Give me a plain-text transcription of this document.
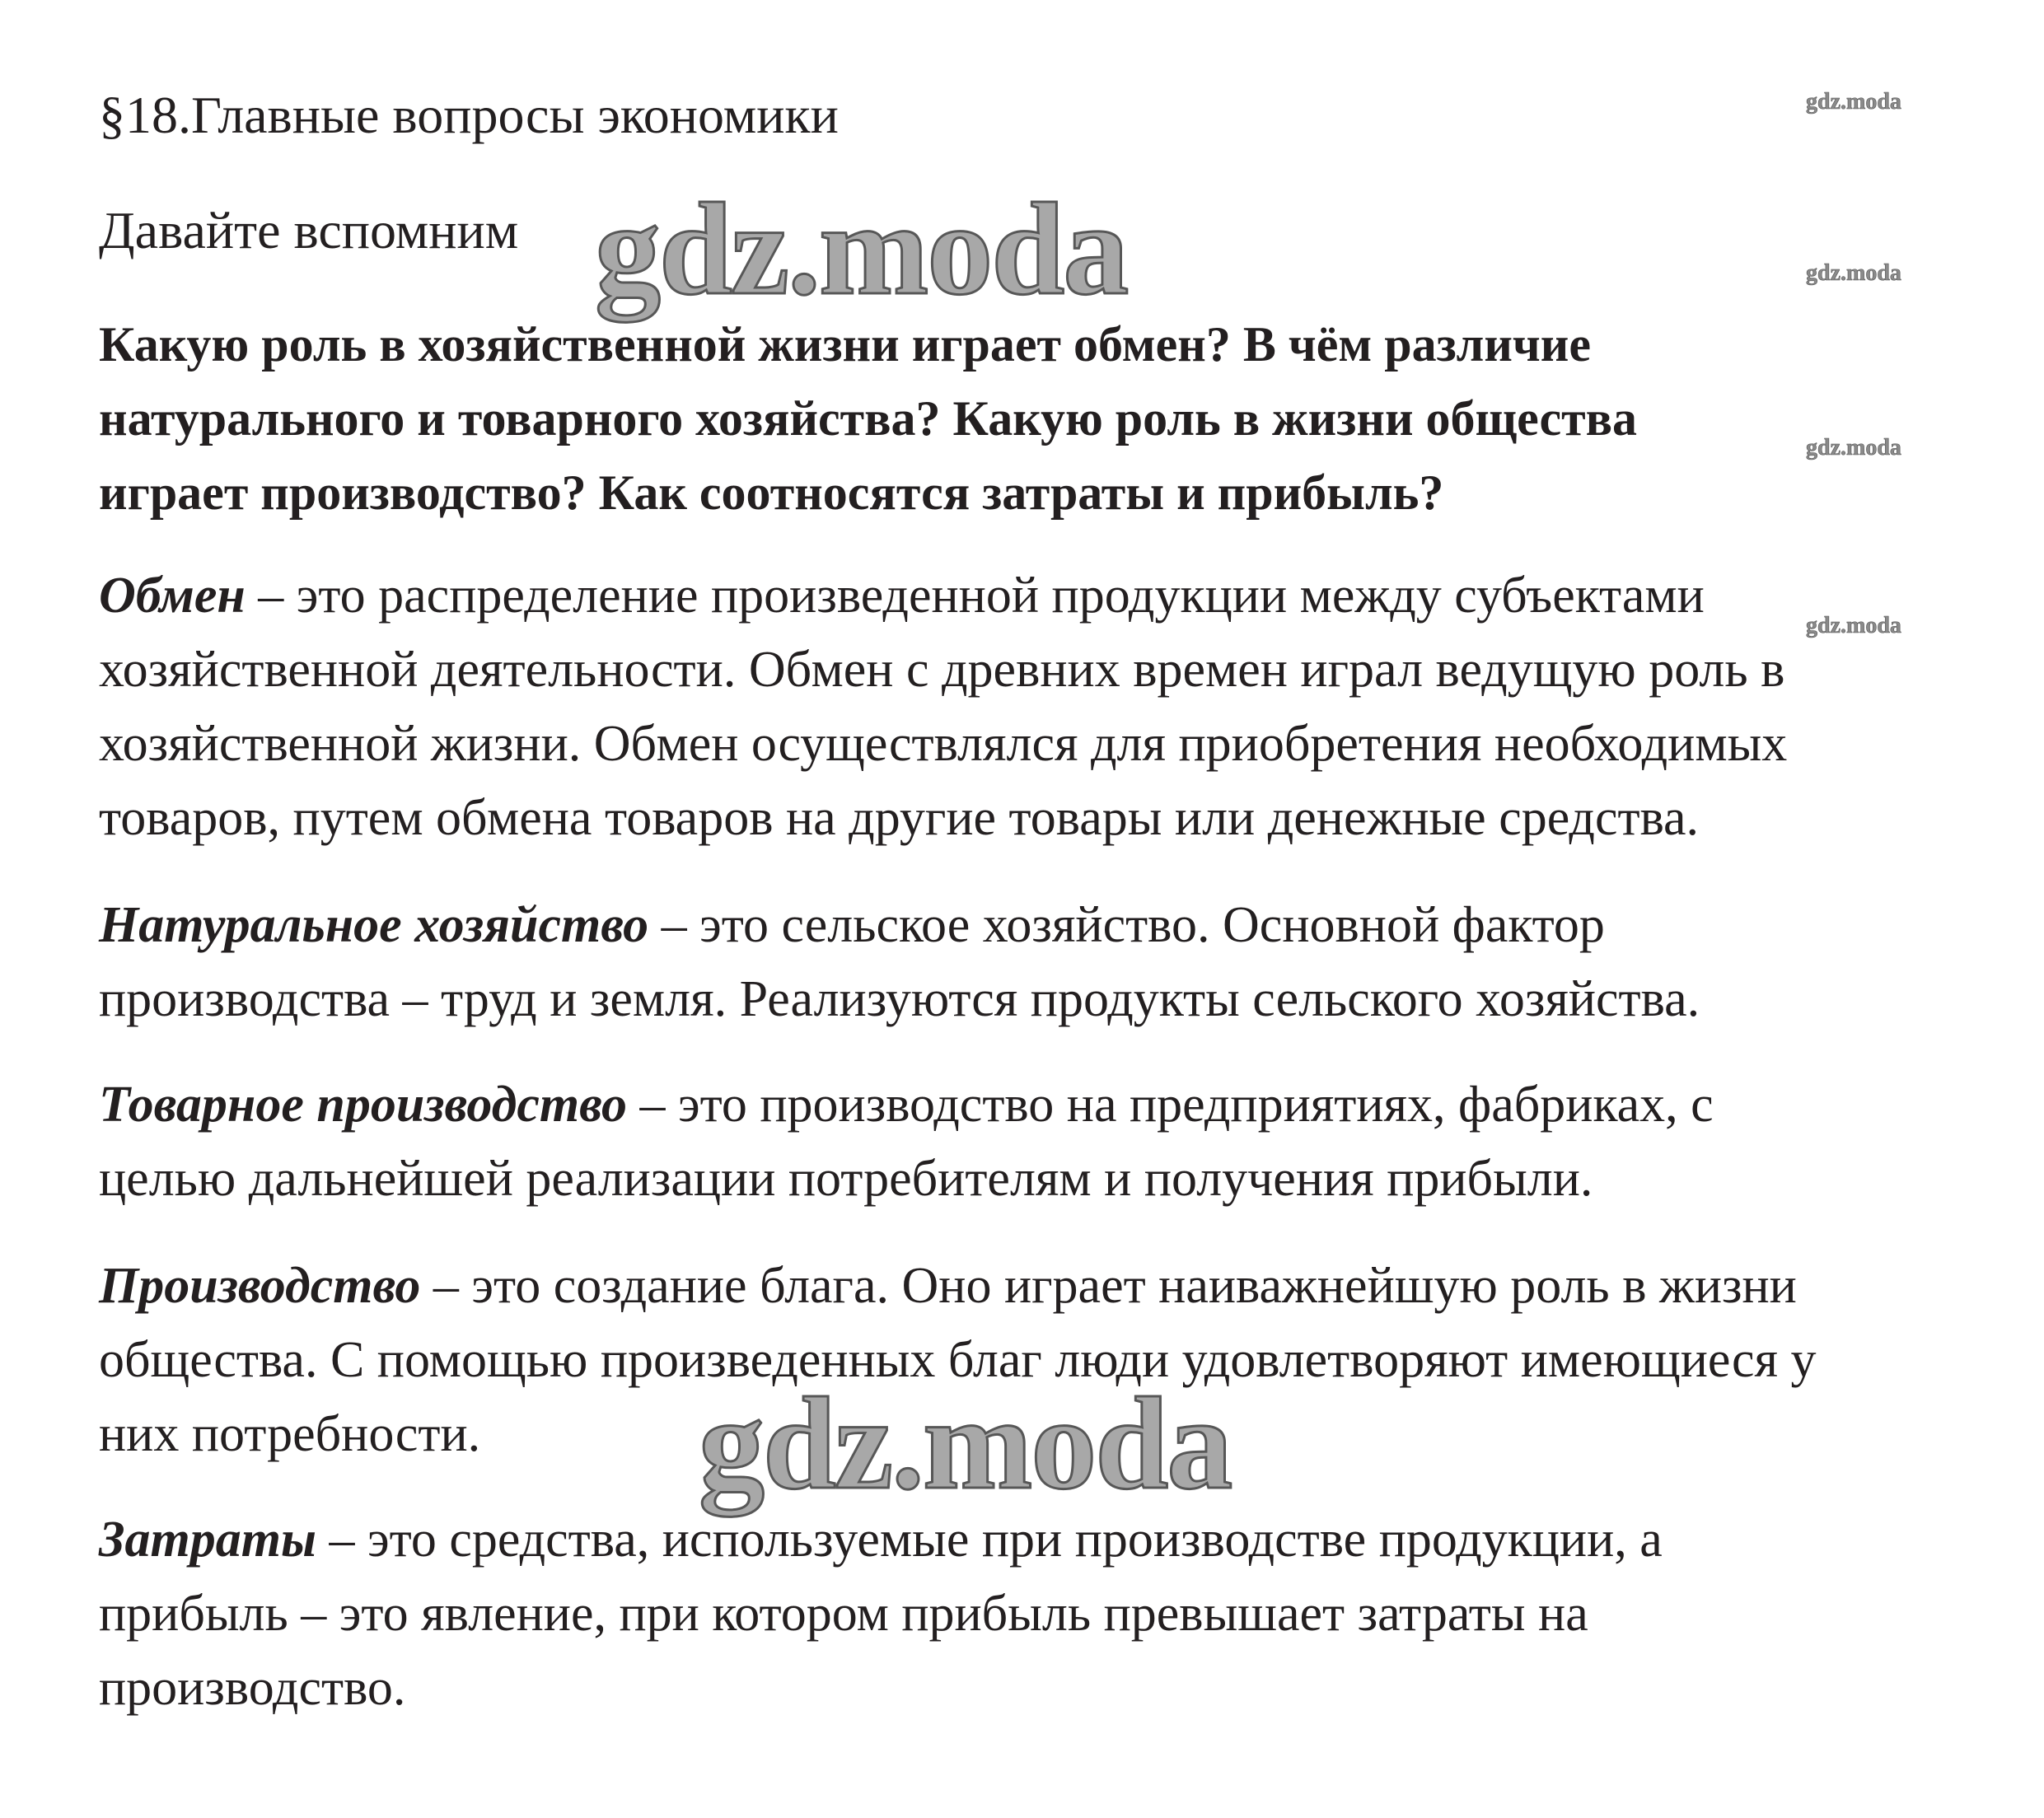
§18.Главные вопросы экономики
Давайте вспомним
Какую роль в хозяйственной жизни играет обмен? В чём различие
натурального и товарного хозяйства? Какую роль в жизни общества
играет производство? Как соотносятся затраты и прибыль?
Обмен – это распределение произведенной продукции между субъектами
хозяйственной деятельности. Обмен с древних времен играл ведущую роль в
хозяйственной жизни. Обмен осуществлялся для приобретения необходимых
товаров, путем обмена товаров на другие товары или денежные средства.
Натуральное хозяйство – это сельское хозяйство. Основной фактор
производства – труд и земля. Реализуются продукты сельского хозяйства.
Товарное производство – это производство на предприятиях, фабриках, с
целью дальнейшей реализации потребителям и получения прибыли.
Производство – это создание блага. Оно играет наиважнейшую роль в жизни
общества. С помощью произведенных благ люди удовлетворяют имеющиеся у
них потребности.
Затраты – это средства, используемые при производстве продукции, а
прибыль – это явление, при котором прибыль превышает затраты на
производство.
gdz.moda
gdz.moda
gdz.moda
gdz.moda
gdz.moda
gdz.moda
